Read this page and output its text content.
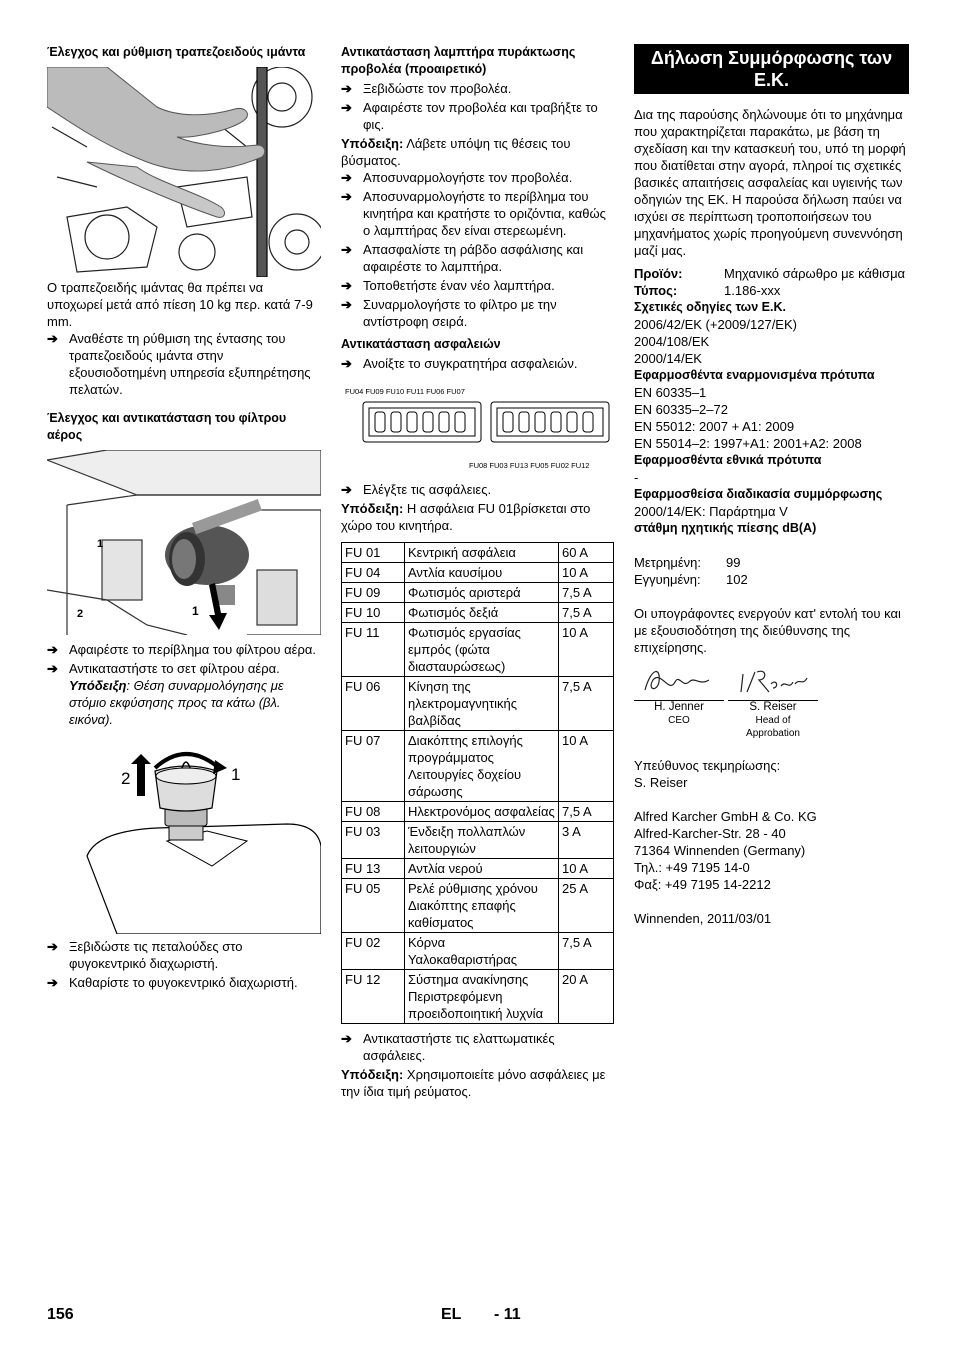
Έλεγχος και ρύθμιση τραπεζοειδούς ιμάντα

Ο τραπεζοειδής ιμάντας θα πρέπει να υποχωρεί μετά από πίεση 10 kg περ. κατά 7-9 mm.

➔ Αναθέστε τη ρύθμιση της έντασης του τραπεζοειδούς ιμάντα στην εξουσιοδοτημένη υπηρεσία εξυπηρέτησης πελατών.
Έλεγχος και αντικατάσταση του φίλτρου αέρος
1
2	1
➔ Αφαιρέστε το περίβλημα του φίλτρου αέρα.
➔ Αντικαταστήστε το σετ φίλτρου αέρα.
Υπόδειξη: Θέση συναρμολόγησης με στόμιο εκφύσησης προς τα κάτω (βλ. εικόνα).
2	1
➔ Ξεβιδώστε τις πεταλούδες στο φυγοκεντρικό διαχωριστή.
➔ Καθαρίστε το φυγοκεντρικό διαχωριστή.
Αντικατάσταση λαμπτήρα πυράκτωσης προβολέα (προαιρετικό)
➔ Ξεβιδώστε τον προβολέα.
➔ Αφαιρέστε τον προβολέα και τραβήξτε το φις.

Υπόδειξη: Λάβετε υπόψη τις θέσεις του βύσματος.

➔ Αποσυναρμολογήστε τον προβολέα.
➔ Αποσυναρμολογήστε το περίβλημα του κινητήρα και κρατήστε το οριζόντια, καθώς ο λαμπτήρας δεν είναι στερεωμένη.
➔ Απασφαλίστε τη ράβδο ασφάλισης και αφαιρέστε το λαμπτήρα.
➔ Τοποθετήστε έναν νέο λαμπτήρα.
➔ Συναρμολογήστε το φίλτρο με την αντίστροφη σειρά.
Αντικατάσταση ασφαλειών
➔ Ανοίξτε το συγκρατητήρα ασφαλειών.
FU04 FU09 FU10 FU11 FU06 FU07
FU08 FU03 FU13 FU05 FU02 FU12
➔ Ελέγξτε τις ασφάλειες.

Υπόδειξη: Η ασφάλεια FU 01βρίσκεται στο χώρο του κινητήρα.

FU 01	Κεντρική ασφάλεια	60 A
FU 04	Αντλία καυσίμου	10 A
FU 09	Φωτισμός αριστερά	7,5 A
FU 10	Φωτισμός δεξιά	7,5 A
FU 11	Φωτισμός εργασίας εμπρός (φώτα διασταυρώσεως)	10 A
FU 06	Κίνηση της ηλεκτρομαγνητικής βαλβίδας	7,5 A
FU 07	Διακόπτης επιλογής προγράμματος Λειτουργίες δοχείου σάρωσης	10 A
FU 08	Ηλεκτρονόμος ασφαλείας	7,5 A
FU 03	Ένδειξη πολλαπλών λειτουργιών	3 A
FU 13	Αντλία νερού	10 A
FU 05	Ρελέ ρύθμισης χρόνου Διακόπτης επαφής καθίσματος	25 A
FU 02	Κόρνα Υαλοκαθαριστήρας	7,5 A
FU 12	Σύστημα ανακίνησης Περιστρεφόμενη προειδοποιητική λυχνία	20 A
➔ Αντικαταστήστε τις ελαττωματικές ασφάλειες.

Υπόδειξη: Χρησιμοποιείτε μόνο ασφάλειες με την ίδια τιμή ρεύματος.

Δήλωση Συμμόρφωσης των Ε.Κ.

Δια της παρούσης δηλώνουμε ότι το μηχάνημα που χαρακτηρίζεται παρακάτω, με βάση τη σχεδίαση και την κατασκευή του, υπό τη μορφή που διατίθεται στην αγορά, πληροί τις σχετικές βασικές απαιτήσεις ασφαλείας και υγιεινής των οδηγιών της ΕΚ. Η παρούσα δήλωση παύει να ισχύει σε περίπτωση τροποποιήσεων του μηχανήματος χωρίς προηγούμενη συνεννόηση μαζί μας.

Προϊόν:	Μηχανικό σάρωθρο με κάθισμα
Τύπος:	1.186-xxx
Σχετικές οδηγίες των Ε.Κ.

2006/42/ΕΚ (+2009/127/ΕΚ)

2004/108/ΕΚ

2000/14/ΕΚ

Εφαρμοσθέντα εναρμονισμένα πρότυπα

EN 60335–1

EN 60335–2–72

EN 55012: 2007 + A1: 2009

EN 55014–2: 1997+A1: 2001+A2: 2008

Εφαρμοσθέντα εθνικά πρότυπα

-

Εφαρμοσθείσα διαδικασία συμμόρφωσης

2000/14/ΕΚ: Παράρτημα V

στάθμη ηχητικής πίεσης dB(A)
Μετρημένη:	99
Εγγυημένη:	102

Οι υπογράφοντες ενεργούν κατ' εντολή του και με εξουσιοδότηση της διεύθυνσης της επιχείρησης.

H. Jenner
CEO
S. Reiser
Head of Approbation

Υπεύθυνος τεκμηρίωσης:

S. Reiser

Alfred Karcher GmbH & Co. KG

Alfred-Karcher-Str. 28 - 40

71364 Winnenden (Germany)

Τηλ.: +49 7195 14-0

Φαξ: +49 7195 14-2212

Winnenden, 2011/03/01

156	EL - 11
